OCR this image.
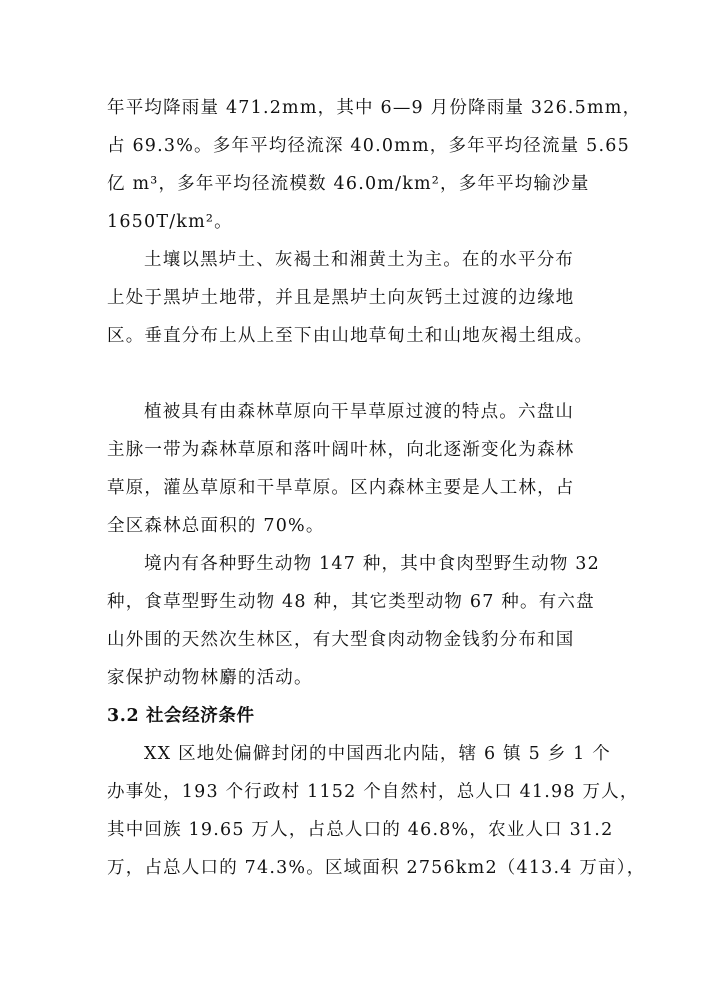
年平均降雨量 471.2mm，其中 6—9 月份降雨量 326.5mm，
占 69.3%。多年平均径流深 40.0mm，多年平均径流量 5.65
亿 m³，多年平均径流模数 46.0m/km²，多年平均输沙量
1650T/km²。
土壤以黑垆土、灰褐土和湘黄土为主。在的水平分布
上处于黑垆土地带，并且是黑垆土向灰钙土过渡的边缘地
区。垂直分布上从上至下由山地草甸土和山地灰褐土组成。
植被具有由森林草原向干旱草原过渡的特点。六盘山
主脉一带为森林草原和落叶阔叶林，向北逐渐变化为森林
草原，灌丛草原和干旱草原。区内森林主要是人工林，占
全区森林总面积的 70%。
境内有各种野生动物 147 种，其中食肉型野生动物 32
种，食草型野生动物 48 种，其它类型动物 67 种。有六盘
山外围的天然次生林区，有大型食肉动物金钱豹分布和国
家保护动物林麝的活动。
3.2 社会经济条件
XX 区地处偏僻封闭的中国西北内陆，辖 6 镇 5 乡 1 个
办事处，193 个行政村 1152 个自然村，总人口 41.98 万人，
其中回族 19.65 万人，占总人口的 46.8%，农业人口 31.2
万，占总人口的 74.3%。区域面积 2756km2（413.4 万亩），
